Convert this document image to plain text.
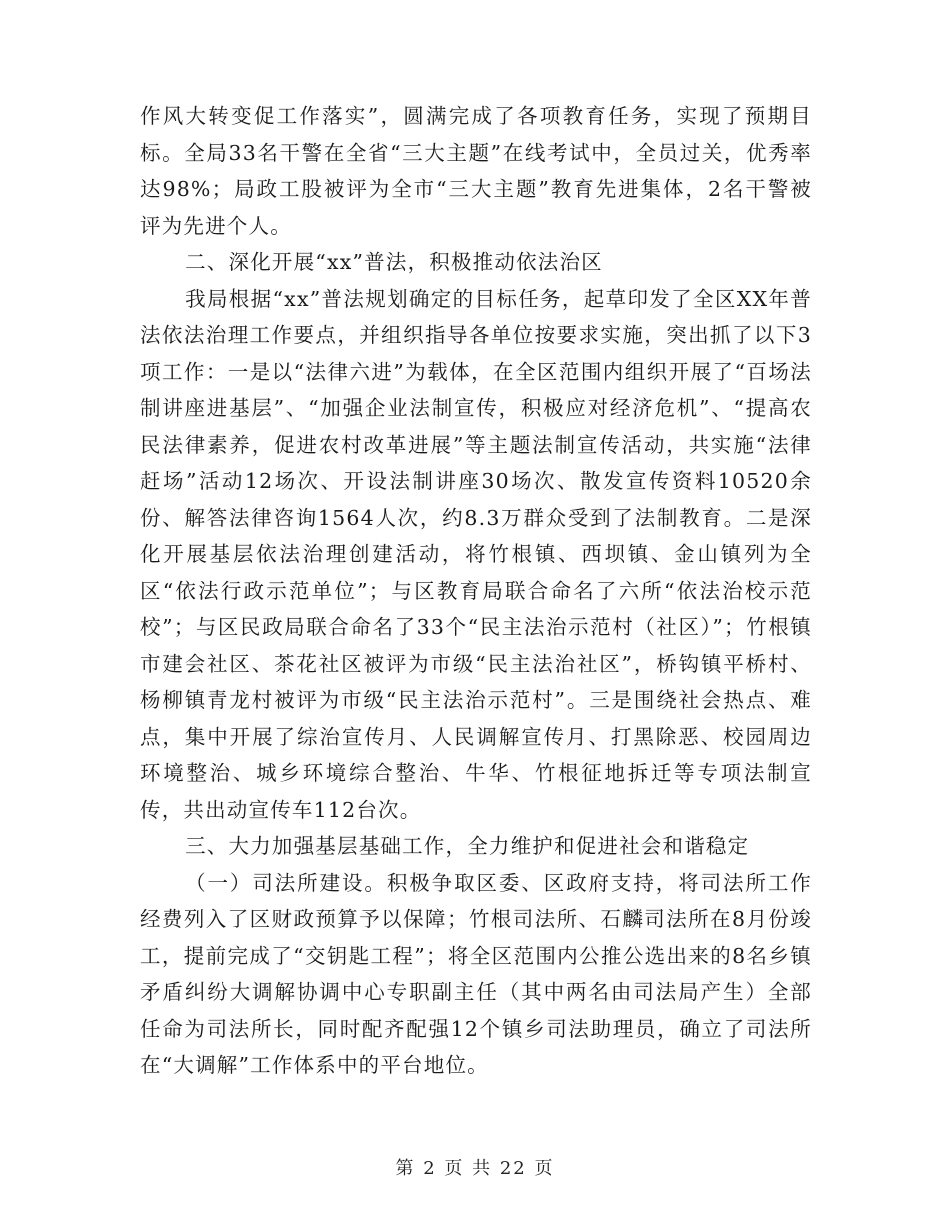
作风大转变促工作落实”，圆满完成了各项教育任务，实现了预期目标。全局33名干警在全省“三大主题”在线考试中，全员过关，优秀率达98%；局政工股被评为全市“三大主题”教育先进集体，2名干警被评为先进个人。

二、深化开展“xx”普法，积极推动依法治区

我局根据“xx”普法规划确定的目标任务，起草印发了全区XX年普法依法治理工作要点，并组织指导各单位按要求实施，突出抓了以下3项工作：一是以“法律六进”为载体，在全区范围内组织开展了“百场法制讲座进基层”、“加强企业法制宣传，积极应对经济危机”、“提高农民法律素养，促进农村改革进展”等主题法制宣传活动，共实施“法律赶场”活动12场次、开设法制讲座30场次、散发宣传资料10520余份、解答法律咨询1564人次，约8.3万群众受到了法制教育。二是深化开展基层依法治理创建活动，将竹根镇、西坝镇、金山镇列为全区“依法行政示范单位”；与区教育局联合命名了六所“依法治校示范校”；与区民政局联合命名了33个“民主法治示范村（社区）”；竹根镇市建会社区、茶花社区被评为市级“民主法治社区”，桥钩镇平桥村、杨柳镇青龙村被评为市级“民主法治示范村”。三是围绕社会热点、难点，集中开展了综治宣传月、人民调解宣传月、打黑除恶、校园周边环境整治、城乡环境综合整治、牛华、竹根征地拆迁等专项法制宣传，共出动宣传车112台次。

三、大力加强基层基础工作，全力维护和促进社会和谐稳定

（一）司法所建设。积极争取区委、区政府支持，将司法所工作经费列入了区财政预算予以保障；竹根司法所、石麟司法所在8月份竣工，提前完成了“交钥匙工程”；将全区范围内公推公选出来的8名乡镇矛盾纠纷大调解协调中心专职副主任（其中两名由司法局产生）全部任命为司法所长，同时配齐配强12个镇乡司法助理员，确立了司法所在“大调解”工作体系中的平台地位。

第 2 页 共 22 页
